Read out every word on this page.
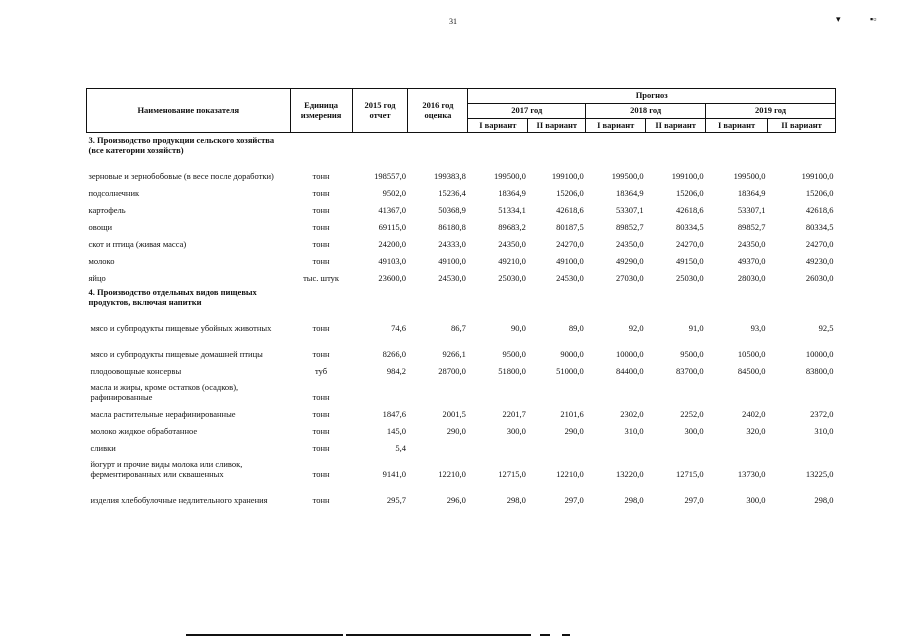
31	▾	▪▫
Наименование показателя	Единица измерения	2015 год отчет	2016 год оценка	Прогноз					
				2017 год		2018 год		2019 год	
				I вариант	II вариант	I вариант	II вариант	I вариант	II вариант
3. Производство продукции сельского хозяйства (все категории хозяйств)									
зерновые и зернобобовые (в весе после доработки)	тонн	198557,0	199383,8	199500,0	199100,0	199500,0	199100,0	199500,0	199100,0
подсолнечник	тонн	9502,0	15236,4	18364,9	15206,0	18364,9	15206,0	18364,9	15206,0
картофель	тонн	41367,0	50368,9	51334,1	42618,6	53307,1	42618,6	53307,1	42618,6
овощи	тонн	69115,0	86180,8	89683,2	80187,5	89852,7	80334,5	89852,7	80334,5
скот и птица (живая масса)	тонн	24200,0	24333,0	24350,0	24270,0	24350,0	24270,0	24350,0	24270,0
молоко	тонн	49103,0	49100,0	49210,0	49100,0	49290,0	49150,0	49370,0	49230,0
яйцо	тыс. штук	23600,0	24530,0	25030,0	24530,0	27030,0	25030,0	28030,0	26030,0
4. Производство отдельных видов пищевых продуктов, включая напитки									
мясо и субпродукты пищевые убойных животных	тонн	74,6	86,7	90,0	89,0	92,0	91,0	93,0	92,5
мясо и субпродукты пищевые домашней птицы	тонн	8266,0	9266,1	9500,0	9000,0	10000,0	9500,0	10500,0	10000,0
плодоовощные консервы	туб	984,2	28700,0	51800,0	51000,0	84400,0	83700,0	84500,0	83800,0
масла и жиры, кроме остатков (осадков), рафинированные	тонн								
масла растительные нерафинированные	тонн	1847,6	2001,5	2201,7	2101,6	2302,0	2252,0	2402,0	2372,0
молоко жидкое обработанное	тонн	145,0	290,0	300,0	290,0	310,0	300,0	320,0	310,0
сливки	тонн	5,4							
йогурт и прочие виды молока или сливок, ферментированных или сквашенных	тонн	9141,0	12210,0	12715,0	12210,0	13220,0	12715,0	13730,0	13225,0
изделия хлебобулочные недлительного хранения	тонн	295,7	296,0	298,0	297,0	298,0	297,0	300,0	298,0
